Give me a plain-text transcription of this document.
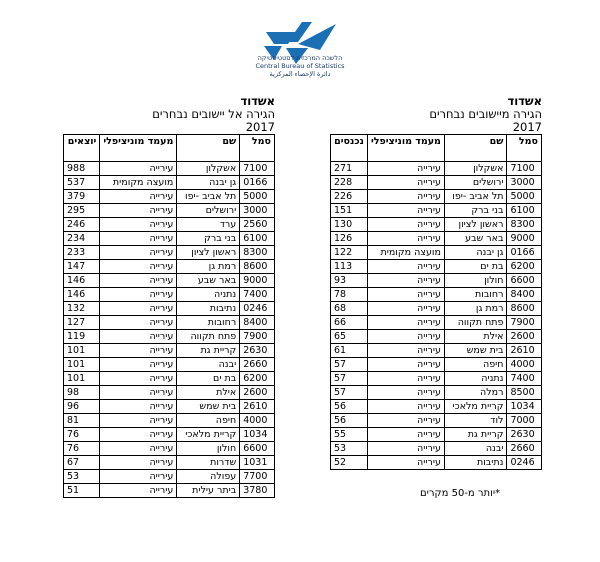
הלשכה המרכזית לסטטיסטיקה
Central Bureau of Statistics
دائرة الإحصاء المركزية
אשדוד
הגירה אל יישובים נבחרים
2017
סמל	שם	מעמד מוניציפלי	יוצאים
7100	אשקלון	עירייה	988
0166	גן יבנה	מועצה מקומית	537
5000	תל אביב -יפו	עירייה	379
3000	ירושלים	עירייה	295
2560	ערד	עירייה	246
6100	בני ברק	עירייה	234
8300	ראשון לציון	עירייה	233
8600	רמת גן	עירייה	147
9000	באר שבע	עירייה	146
7400	נתניה	עירייה	146
0246	נתיבות	עירייה	132
8400	רחובות	עירייה	127
7900	פתח תקווה	עירייה	119
2630	קריית גת	עירייה	101
2660	יבנה	עירייה	101
6200	בת ים	עירייה	101
2600	אילת	עירייה	98
2610	בית שמש	עירייה	96
4000	חיפה	עירייה	81
1034	קריית מלאכי	עירייה	76
6600	חולון	עירייה	76
1031	שדרות	עירייה	67
7700	עפולה	עירייה	53
3780	ביתר עילית	עירייה	51
אשדוד
הגירה מיישובים נבחרים
2017
סמל	שם	מעמד מוניציפלי	נכנסים
7100	אשקלון	עירייה	271
3000	ירושלים	עירייה	228
5000	תל אביב -יפו	עירייה	226
6100	בני ברק	עירייה	151
8300	ראשון לציון	עירייה	130
9000	באר שבע	עירייה	126
0166	גן יבנה	מועצה מקומית	122
6200	בת ים	עירייה	113
6600	חולון	עירייה	93
8400	רחובות	עירייה	78
8600	רמת גן	עירייה	68
7900	פתח תקווה	עירייה	66
2600	אילת	עירייה	65
2610	בית שמש	עירייה	61
4000	חיפה	עירייה	57
7400	נתניה	עירייה	57
8500	רמלה	עירייה	57
1034	קריית מלאכי	עירייה	56
7000	לוד	עירייה	56
2630	קריית גת	עירייה	55
2660	יבנה	עירייה	53
0246	נתיבות	עירייה	52
*יותר מ-50 מקרים
